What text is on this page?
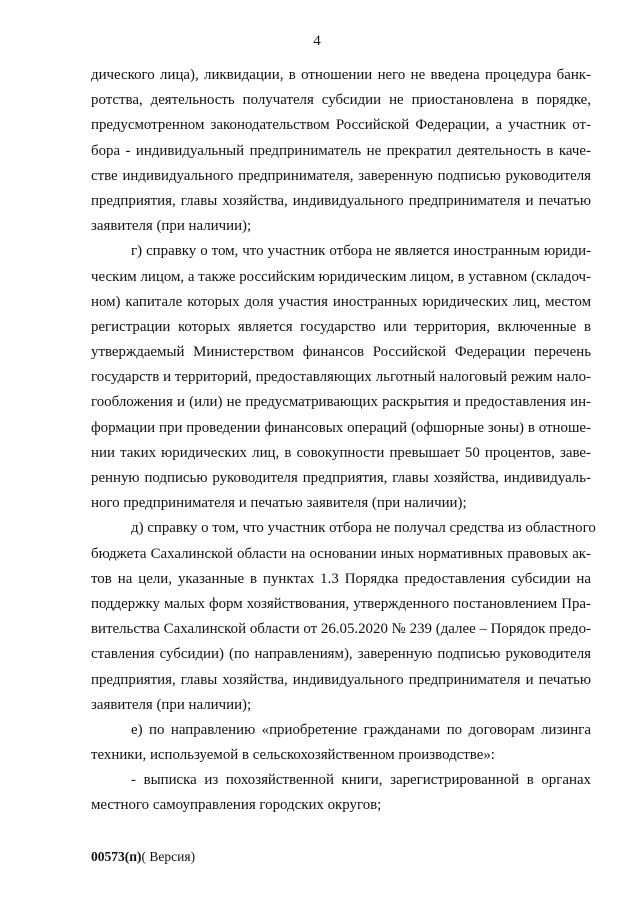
4
дического лица), ликвидации, в отношении него не введена процедура банк-
ротства, деятельность получателя субсидии не приостановлена в порядке,
предусмотренном законодательством Российской Федерации, а участник от-
бора - индивидуальный предприниматель не прекратил деятельность в каче-
стве индивидуального предпринимателя, заверенную подписью руководителя
предприятия, главы хозяйства, индивидуального предпринимателя и печатью
заявителя (при наличии);
г) справку о том, что участник отбора не является иностранным юриди-
ческим лицом, а также российским юридическим лицом, в уставном (складоч-
ном) капитале которых доля участия иностранных юридических лиц, местом
регистрации которых является государство или территория, включенные в
утверждаемый Министерством финансов Российской Федерации перечень
государств и территорий, предоставляющих льготный налоговый режим нало-
гообложения и (или) не предусматривающих раскрытия и предоставления ин-
формации при проведении финансовых операций (офшорные зоны) в отноше-
нии таких юридических лиц, в совокупности превышает 50 процентов, заве-
ренную подписью руководителя предприятия, главы хозяйства, индивидуаль-
ного предпринимателя и печатью заявителя (при наличии);
д) справку о том, что участник отбора не получал средства из областного
бюджета Сахалинской области на основании иных нормативных правовых ак-
тов на цели, указанные в пунктах 1.3 Порядка предоставления субсидии на
поддержку малых форм хозяйствования, утвержденного постановлением Пра-
вительства Сахалинской области от 26.05.2020 № 239 (далее – Порядок предо-
ставления субсидии) (по направлениям), заверенную подписью руководителя
предприятия, главы хозяйства, индивидуального предпринимателя и печатью
заявителя (при наличии);
е) по направлению «приобретение гражданами по договорам лизинга
техники, используемой в сельскохозяйственном производстве»:
- выписка из похозяйственной книги, зарегистрированной в органах
местного самоуправления городских округов;
00573(п)( Версия)
